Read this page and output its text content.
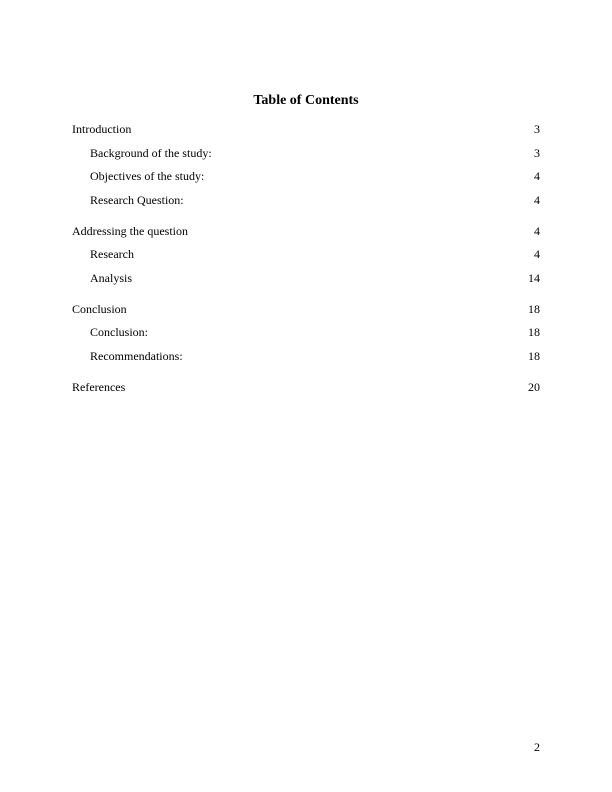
Table of Contents
Introduction	3
Background of the study:	3
Objectives of the study:	4
Research Question:	4
Addressing the question	4
Research	4
Analysis	14
Conclusion	18
Conclusion:	18
Recommendations:	18
References	20
2
